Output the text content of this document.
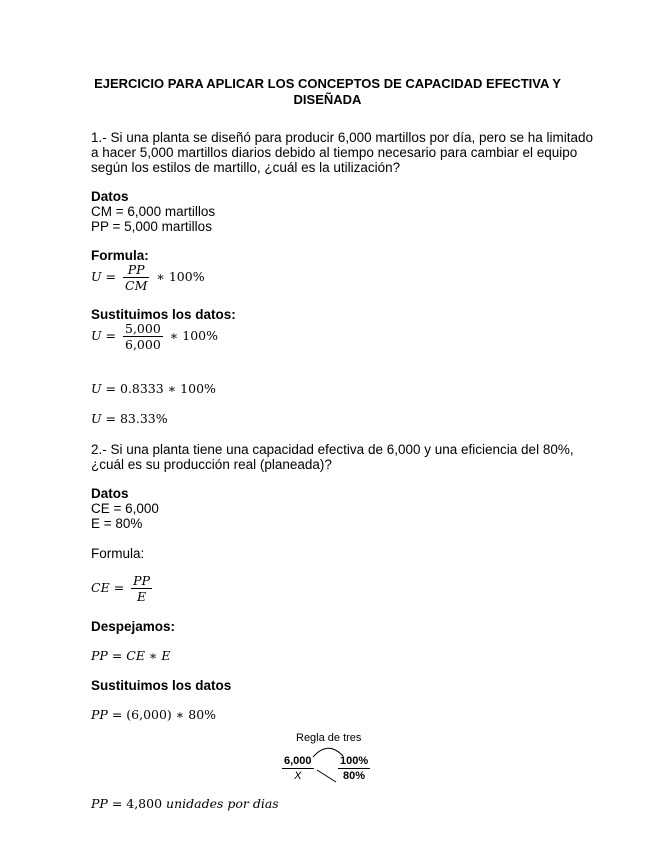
EJERCICIO PARA APLICAR LOS CONCEPTOS DE CAPACIDAD EFECTIVA Y DISEÑADA
1.- Si una planta se diseñó para producir 6,000 martillos por día, pero se ha limitado
a hacer 5,000 martillos diarios debido al tiempo necesario para cambiar el equipo
según los estilos de martillo, ¿cuál es la utilización?
Datos
CM = 6,000 martillos
PP = 5,000 martillos
Formula:
$U = \frac{PP}{CM}$ ∗ 100%
Sustituimos los datos:
$U = \frac{5,000}{6,000}$ ∗ 100%
U = 0.8333 ∗ 100%
U = 83.33%
2.- Si una planta tiene una capacidad efectiva de 6,000 y una eficiencia del 80%,
¿cuál es su producción real (planeada)?
Datos
CE = 6,000
E = 80%
Formula:
CE = $\frac{PP}{E}$
Despejamos:
PP = CE ∗ E
Sustituimos los datos
PP = (6,000) ∗ 80%
Regla de tres
$\frac{6,000}{X} \frac{100\%}{80\%}$
PP = 4,800 unidades por dias
